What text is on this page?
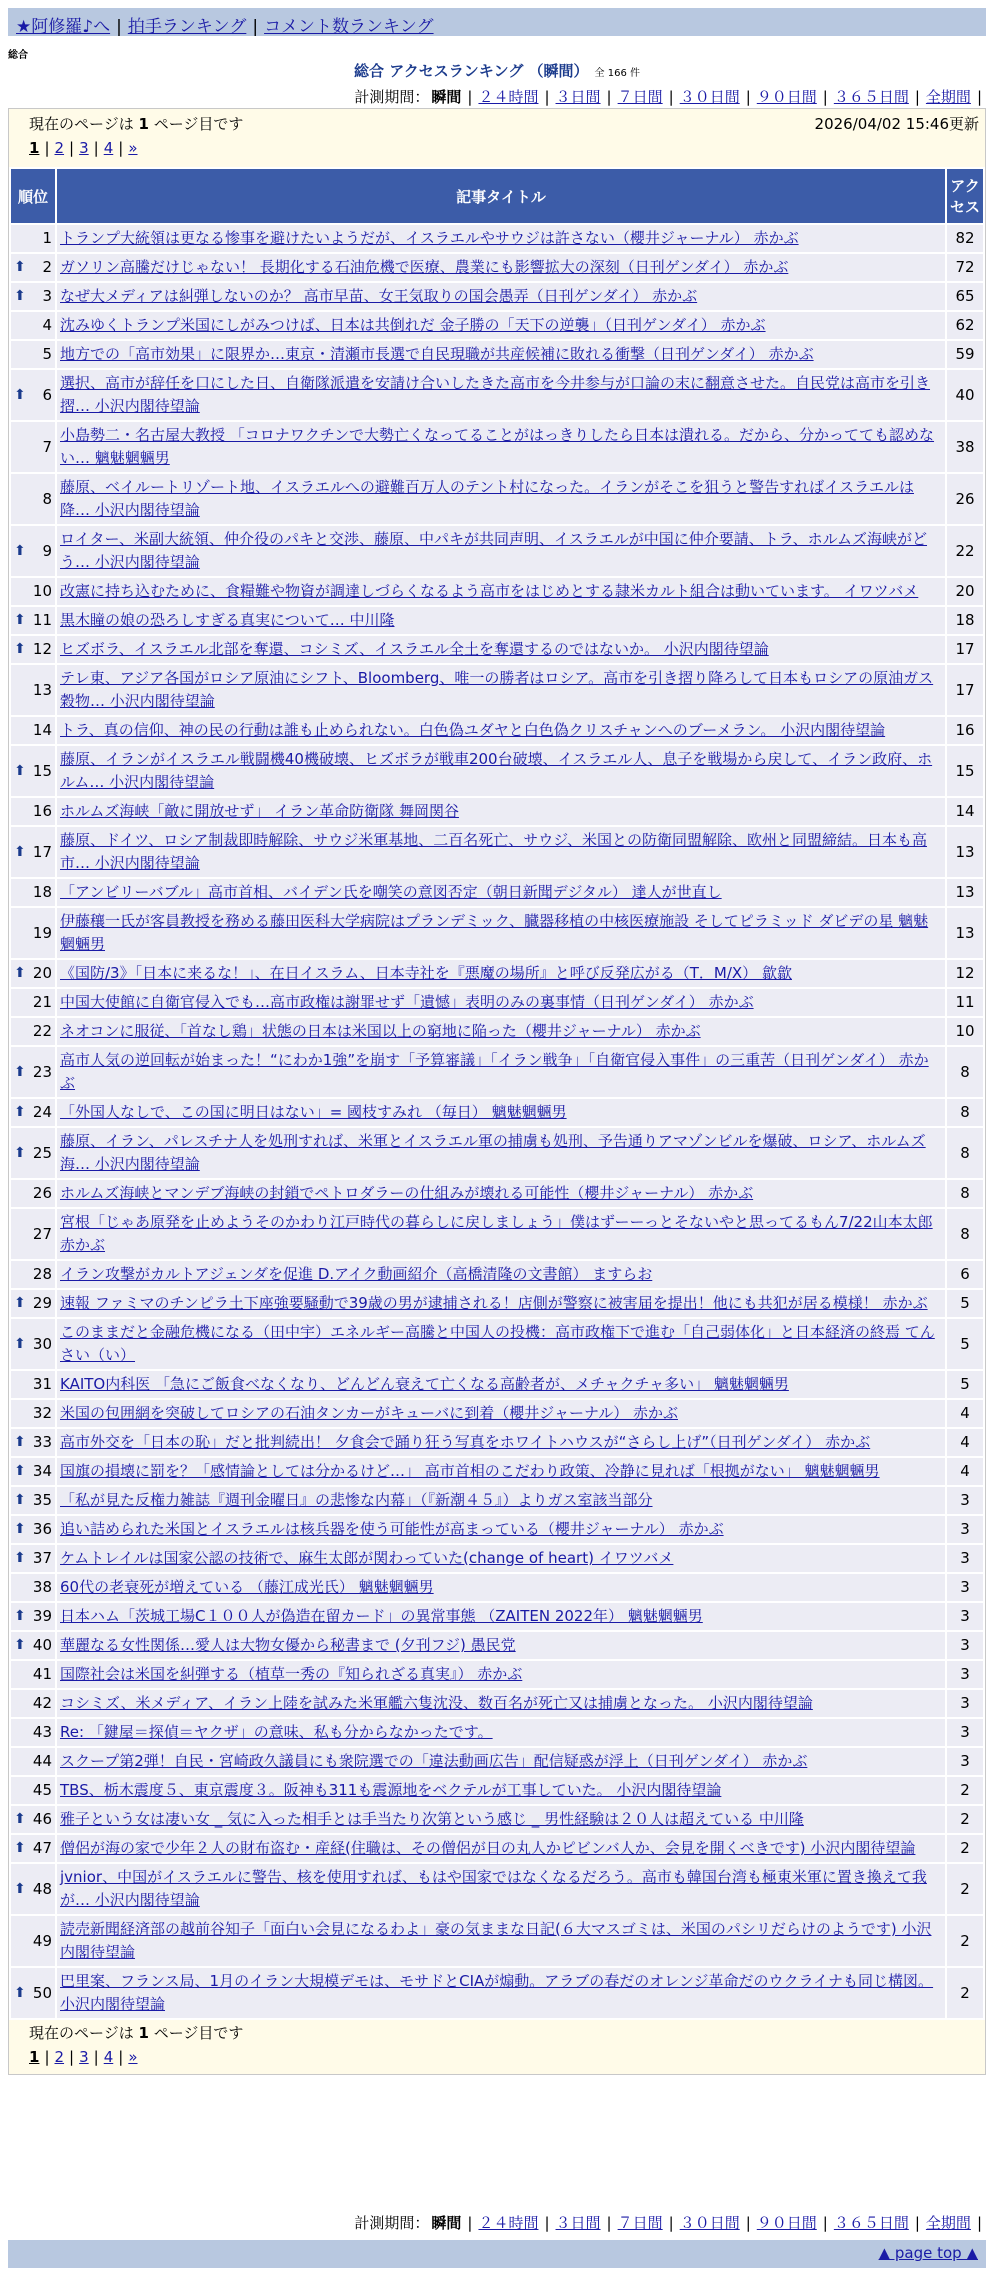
★阿修羅♪へ | 拍手ランキング | コメント数ランキング
総合
総合 アクセスランキング （瞬間） 全 166 件
計測期間： 瞬間 | ２４時間 | ３日間 | ７日間 | ３０日間 | ９０日間 | ３６５日間 | 全期間 |
現在のページは 1 ページ目です	2026/04/02 15:46更新
1 | 2 | 3 | 4 | »
順位	記事タイトル	アクセス
1	トランプ大統領は更なる惨事を避けたいようだが、イスラエルやサウジは許さない（櫻井ジャーナル） 赤かぶ	82

⬆ 2	ガソリン高騰だけじゃない！ 長期化する石油危機で医療、農業にも影響拡大の深刻（日刊ゲンダイ） 赤かぶ	72

⬆ 3	なぜ大メディアは糾弾しないのか？ 高市早苗、女王気取りの国会愚弄（日刊ゲンダイ） 赤かぶ	65
4	沈みゆくトランプ米国にしがみつけば、日本は共倒れだ 金子勝の「天下の逆襲」（日刊ゲンダイ） 赤かぶ	62
5	地方での「高市効果」に限界か…東京・清瀬市長選で自民現職が共産候補に敗れる衝撃（日刊ゲンダイ） 赤かぶ	59

⬆ 6	選択、高市が辞任を口にした日、自衛隊派遣を安請け合いしたきた高市を今井参与が口論の末に翻意させた。自民党は高市を引き摺… 小沢内閣待望論	40
7	小島勢二・名古屋大教授 「コロナワクチンで大勢亡くなってることがはっきりしたら日本は潰れる。だから、分かってても認めない… 魑魅魍魎男	38
8	藤原、ベイルートリゾート地、イスラエルへの避難百万人のテント村になった。イランがそこを狙うと警告すればイスラエルは降… 小沢内閣待望論	26

⬆ 9	ロイター、米副大統領、仲介役のパキと交渉、藤原、中パキが共同声明、イスラエルが中国に仲介要請、トラ、ホルムズ海峡がどう… 小沢内閣待望論	22
10	改憲に持ち込むために、食糧難や物資が調達しづらくなるよう高市をはじめとする隷米カルト組合は動いています。 イワツバメ	20

⬆ 11	黒木瞳の娘の恐ろしすぎる真実について… 中川隆	18

⬆ 12	ヒズボラ、イスラエル北部を奪還、コシミズ、イスラエル全土を奪還するのではないか。 小沢内閣待望論	17
13	テレ東、アジア各国がロシア原油にシフト、Bloomberg、唯一の勝者はロシア。高市を引き摺り降ろして日本もロシアの原油ガス穀物… 小沢内閣待望論	17
14	トラ、真の信仰、神の民の行動は誰も止められない。白色偽ユダヤと白色偽クリスチャンへのブーメラン。 小沢内閣待望論	16

⬆ 15	藤原、イランがイスラエル戦闘機40機破壊、ヒズボラが戦車200台破壊、イスラエル人、息子を戦場から戻して、イラン政府、ホルム… 小沢内閣待望論	15
16	ホルムズ海峡「敵に開放せず」 イラン革命防衛隊 舞岡関谷	14

⬆ 17	藤原、ドイツ、ロシア制裁即時解除、サウジ米軍基地、二百名死亡、サウジ、米国との防衛同盟解除、欧州と同盟締結。日本も高市… 小沢内閣待望論	13
18	「アンビリーバブル」高市首相、バイデン氏を嘲笑の意図否定（朝日新聞デジタル） 達人が世直し	13
19	伊藤穰一氏が客員教授を務める藤田医科大学病院はプランデミック、臓器移植の中核医療施設 そしてピラミッド ダビデの星 魑魅魍魎男	13

⬆ 20	《国防/3》「日本に来るな！」、在日イスラム、日本寺社を『悪魔の場所』と呼び反発広がる（T．M/X） 歙歙	12
21	中国大使館に自衛官侵入でも…高市政権は謝罪せず「遺憾」表明のみの裏事情（日刊ゲンダイ） 赤かぶ	11
22	ネオコンに服従、「首なし鶏」状態の日本は米国以上の窮地に陥った（櫻井ジャーナル） 赤かぶ	10

⬆ 23	高市人気の逆回転が始まった！“にわか1強”を崩す「予算審議」「イラン戦争」「自衛官侵入事件」の三重苦（日刊ゲンダイ） 赤かぶ	8

⬆ 24	「外国人なしで、この国に明日はない」= 國枝すみれ （毎日） 魑魅魍魎男	8

⬆ 25	藤原、イラン、パレスチナ人を処刑すれば、米軍とイスラエル軍の捕虜も処刑、予告通りアマゾンビルを爆破、ロシア、ホルムズ海… 小沢内閣待望論	8
26	ホルムズ海峡とマンデブ海峡の封鎖でペトロダラーの仕組みが壊れる可能性（櫻井ジャーナル） 赤かぶ	8
27	宮根「じゃあ原発を止めようそのかわり江戸時代の暮らしに戻しましょう」僕はずーーっとそないやと思ってるもん7/22山本太郎 赤かぶ	8
28	イラン攻撃がカルトアジェンダを促進 D.アイク動画紹介（高橋清隆の文書館） ますらお	6

⬆ 29	速報 ファミマのチンピラ土下座強要騒動で39歳の男が逮捕される！店側が警察に被害届を提出！他にも共犯が居る模様！ 赤かぶ	5

⬆ 30	このままだと金融危機になる（田中宇）エネルギー高騰と中国人の投機：高市政権下で進む「自己弱体化」と日本経済の終焉 てんさい（い）	5
31	KAITO内科医 「急にご飯食べなくなり、どんどん衰えて亡くなる高齢者が、メチャクチャ多い」 魑魅魍魎男	5
32	米国の包囲網を突破してロシアの石油タンカーがキューバに到着（櫻井ジャーナル） 赤かぶ	4

⬆ 33	高市外交を「日本の恥」だと批判続出！ 夕食会で踊り狂う写真をホワイトハウスが“さらし上げ”（日刊ゲンダイ） 赤かぶ	4

⬆ 34	国旗の損壊に罰を？「感情論としては分かるけど…」 高市首相のこだわり政策、冷静に見れば「根拠がない」 魑魅魍魎男	4

⬆ 35	「私が見た反権力雑誌『週刊金曜日』の悲惨な内幕」（『新潮４５』）よりガス室該当部分	3

⬆ 36	追い詰められた米国とイスラエルは核兵器を使う可能性が高まっている（櫻井ジャーナル） 赤かぶ	3

⬆ 37	ケムトレイルは国家公認の技術で、麻生太郎が関わっていた(change of heart) イワツバメ	3
38	60代の老衰死が増えている （藤江成光氏） 魑魅魍魎男	3

⬆ 39	日本ハム「茨城工場C１００人が偽造在留カード」の異常事態 （ZAITEN 2022年） 魑魅魍魎男	3

⬆ 40	華麗なる女性関係…愛人は大物女優から秘書まで (夕刊フジ) 愚民党	3
41	国際社会は米国を糾弾する（植草一秀の『知られざる真実』） 赤かぶ	3
42	コシミズ、米メディア、イラン上陸を試みた米軍艦六隻沈没、数百名が死亡又は捕虜となった。 小沢内閣待望論	3
43	Re: 「鍵屋＝探偵＝ヤクザ」の意味、私も分からなかったです。	3
44	スクープ第2弾！自民・宮崎政久議員にも衆院選での「違法動画広告」配信疑惑が浮上（日刊ゲンダイ） 赤かぶ	3
45	TBS、栃木震度５、東京震度３。阪神も311も震源地をベクテルが工事していた。 小沢内閣待望論	2

⬆ 46	雅子という女は凄い女 _ 気に入った相手とは手当たり次第という感じ _ 男性経験は２０人は超えている 中川隆	2

⬆ 47	僧侶が海の家で少年２人の財布盗む・産経(住職は、その僧侶が日の丸人かピビンバ人か、会見を開くべきです) 小沢内閣待望論	2

⬆ 48	jvnior、中国がイスラエルに警告、核を使用すれば、もはや国家ではなくなるだろう。高市も韓国台湾も極東米軍に置き換えて我が… 小沢内閣待望論	2
49	読売新聞経済部の越前谷知子「面白い会見になるわよ」豪の気ままな日記(６大マスゴミは、米国のパシリだらけのようです) 小沢内閣待望論	2

⬆ 50	巴里案、フランス局、1月のイラン大規模デモは、モサドとCIAが煽動。アラブの春だのオレンジ革命だのウクライナも同じ構図。 小沢内閣待望論	2
現在のページは 1 ページ目です
1 | 2 | 3 | 4 | »
計測期間： 瞬間 | ２４時間 | ３日間 | ７日間 | ３０日間 | ９０日間 | ３６５日間 | 全期間 |
▲ page top ▲
